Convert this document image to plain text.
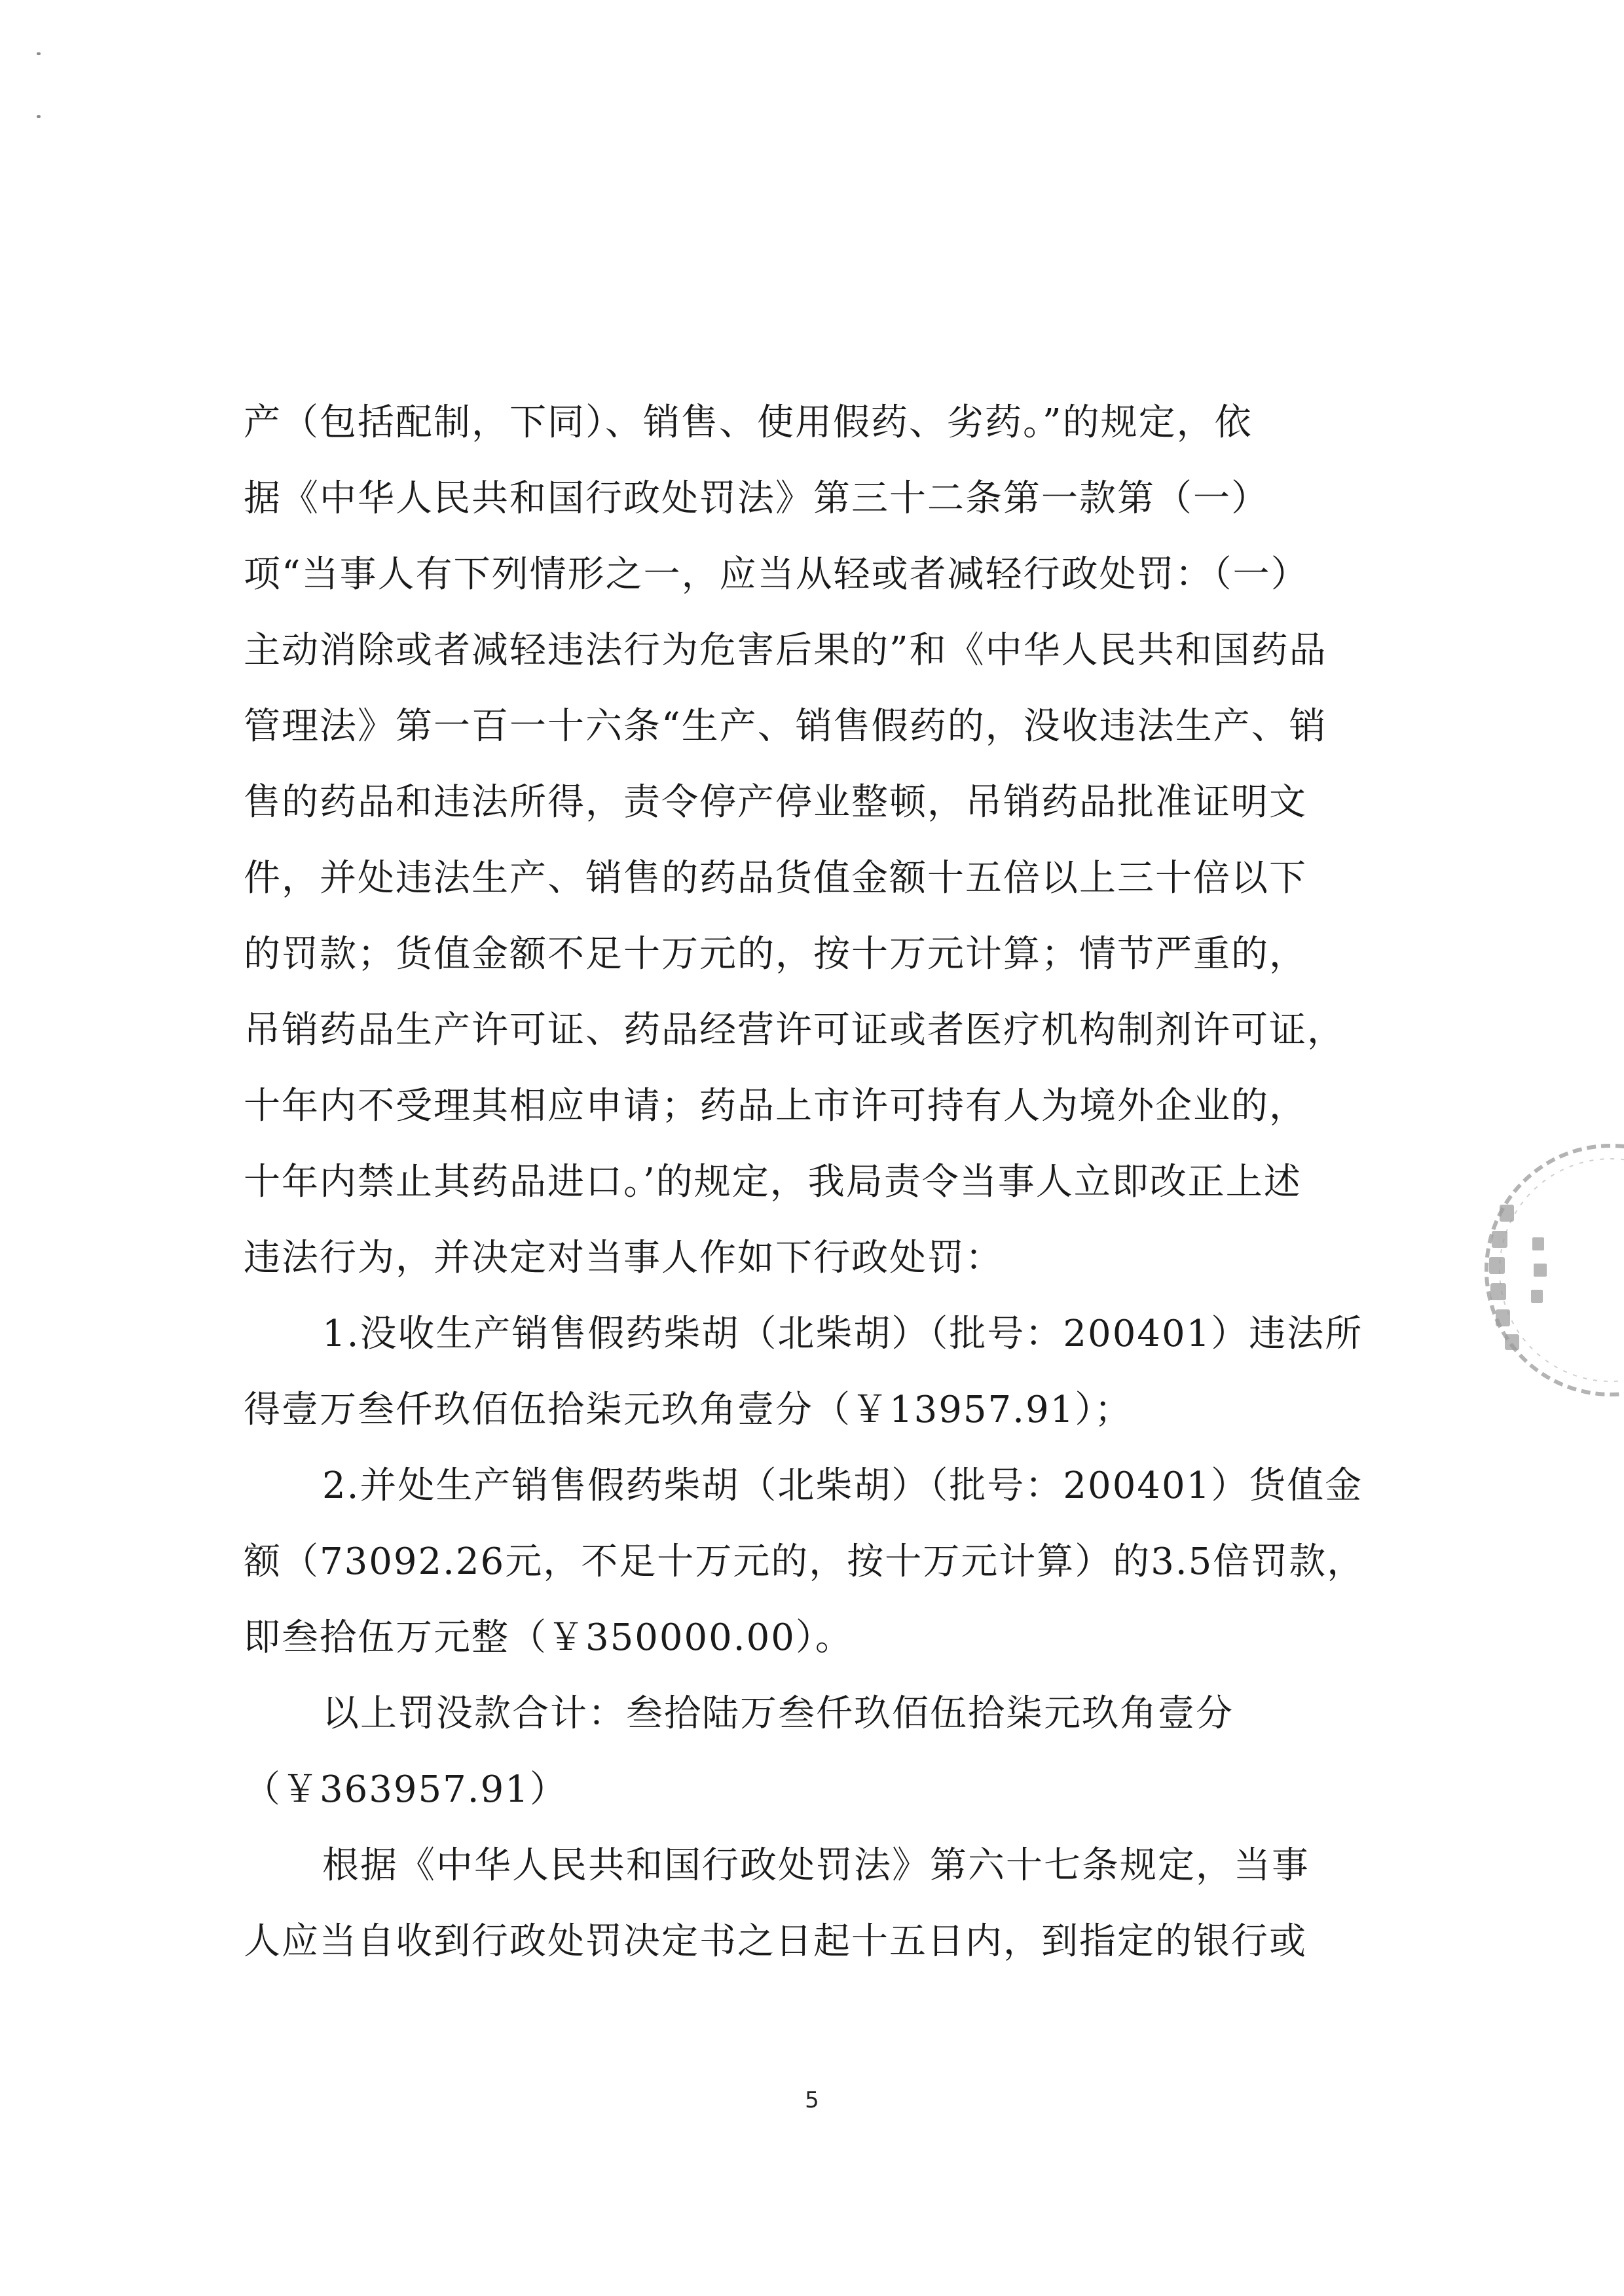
产（包括配制，下同）、销售、使用假药、劣药。”的规定，依
据《中华人民共和国行政处罚法》第三十二条第一款第（一）
项“当事人有下列情形之一，应当从轻或者减轻行政处罚：（一）
主动消除或者减轻违法行为危害后果的”和《中华人民共和国药品
管理法》第一百一十六条“生产、销售假药的，没收违法生产、销
售的药品和违法所得，责令停产停业整顿，吊销药品批准证明文
件，并处违法生产、销售的药品货值金额十五倍以上三十倍以下
的罚款；货值金额不足十万元的，按十万元计算；情节严重的，
吊销药品生产许可证、药品经营许可证或者医疗机构制剂许可证，
十年内不受理其相应申请；药品上市许可持有人为境外企业的，
十年内禁止其药品进口。’的规定，我局责令当事人立即改正上述
违法行为，并决定对当事人作如下行政处罚：
1.没收生产销售假药柴胡（北柴胡）（批号：200401）违法所
得壹万叁仟玖佰伍拾柒元玖角壹分（￥13957.91）；
2.并处生产销售假药柴胡（北柴胡）（批号：200401）货值金
额（73092.26元，不足十万元的，按十万元计算）的3.5倍罚款，
即叁拾伍万元整（￥350000.00）。
以上罚没款合计：叁拾陆万叁仟玖佰伍拾柒元玖角壹分
（￥363957.91）
根据《中华人民共和国行政处罚法》第六十七条规定，当事
人应当自收到行政处罚决定书之日起十五日内，到指定的银行或
5
